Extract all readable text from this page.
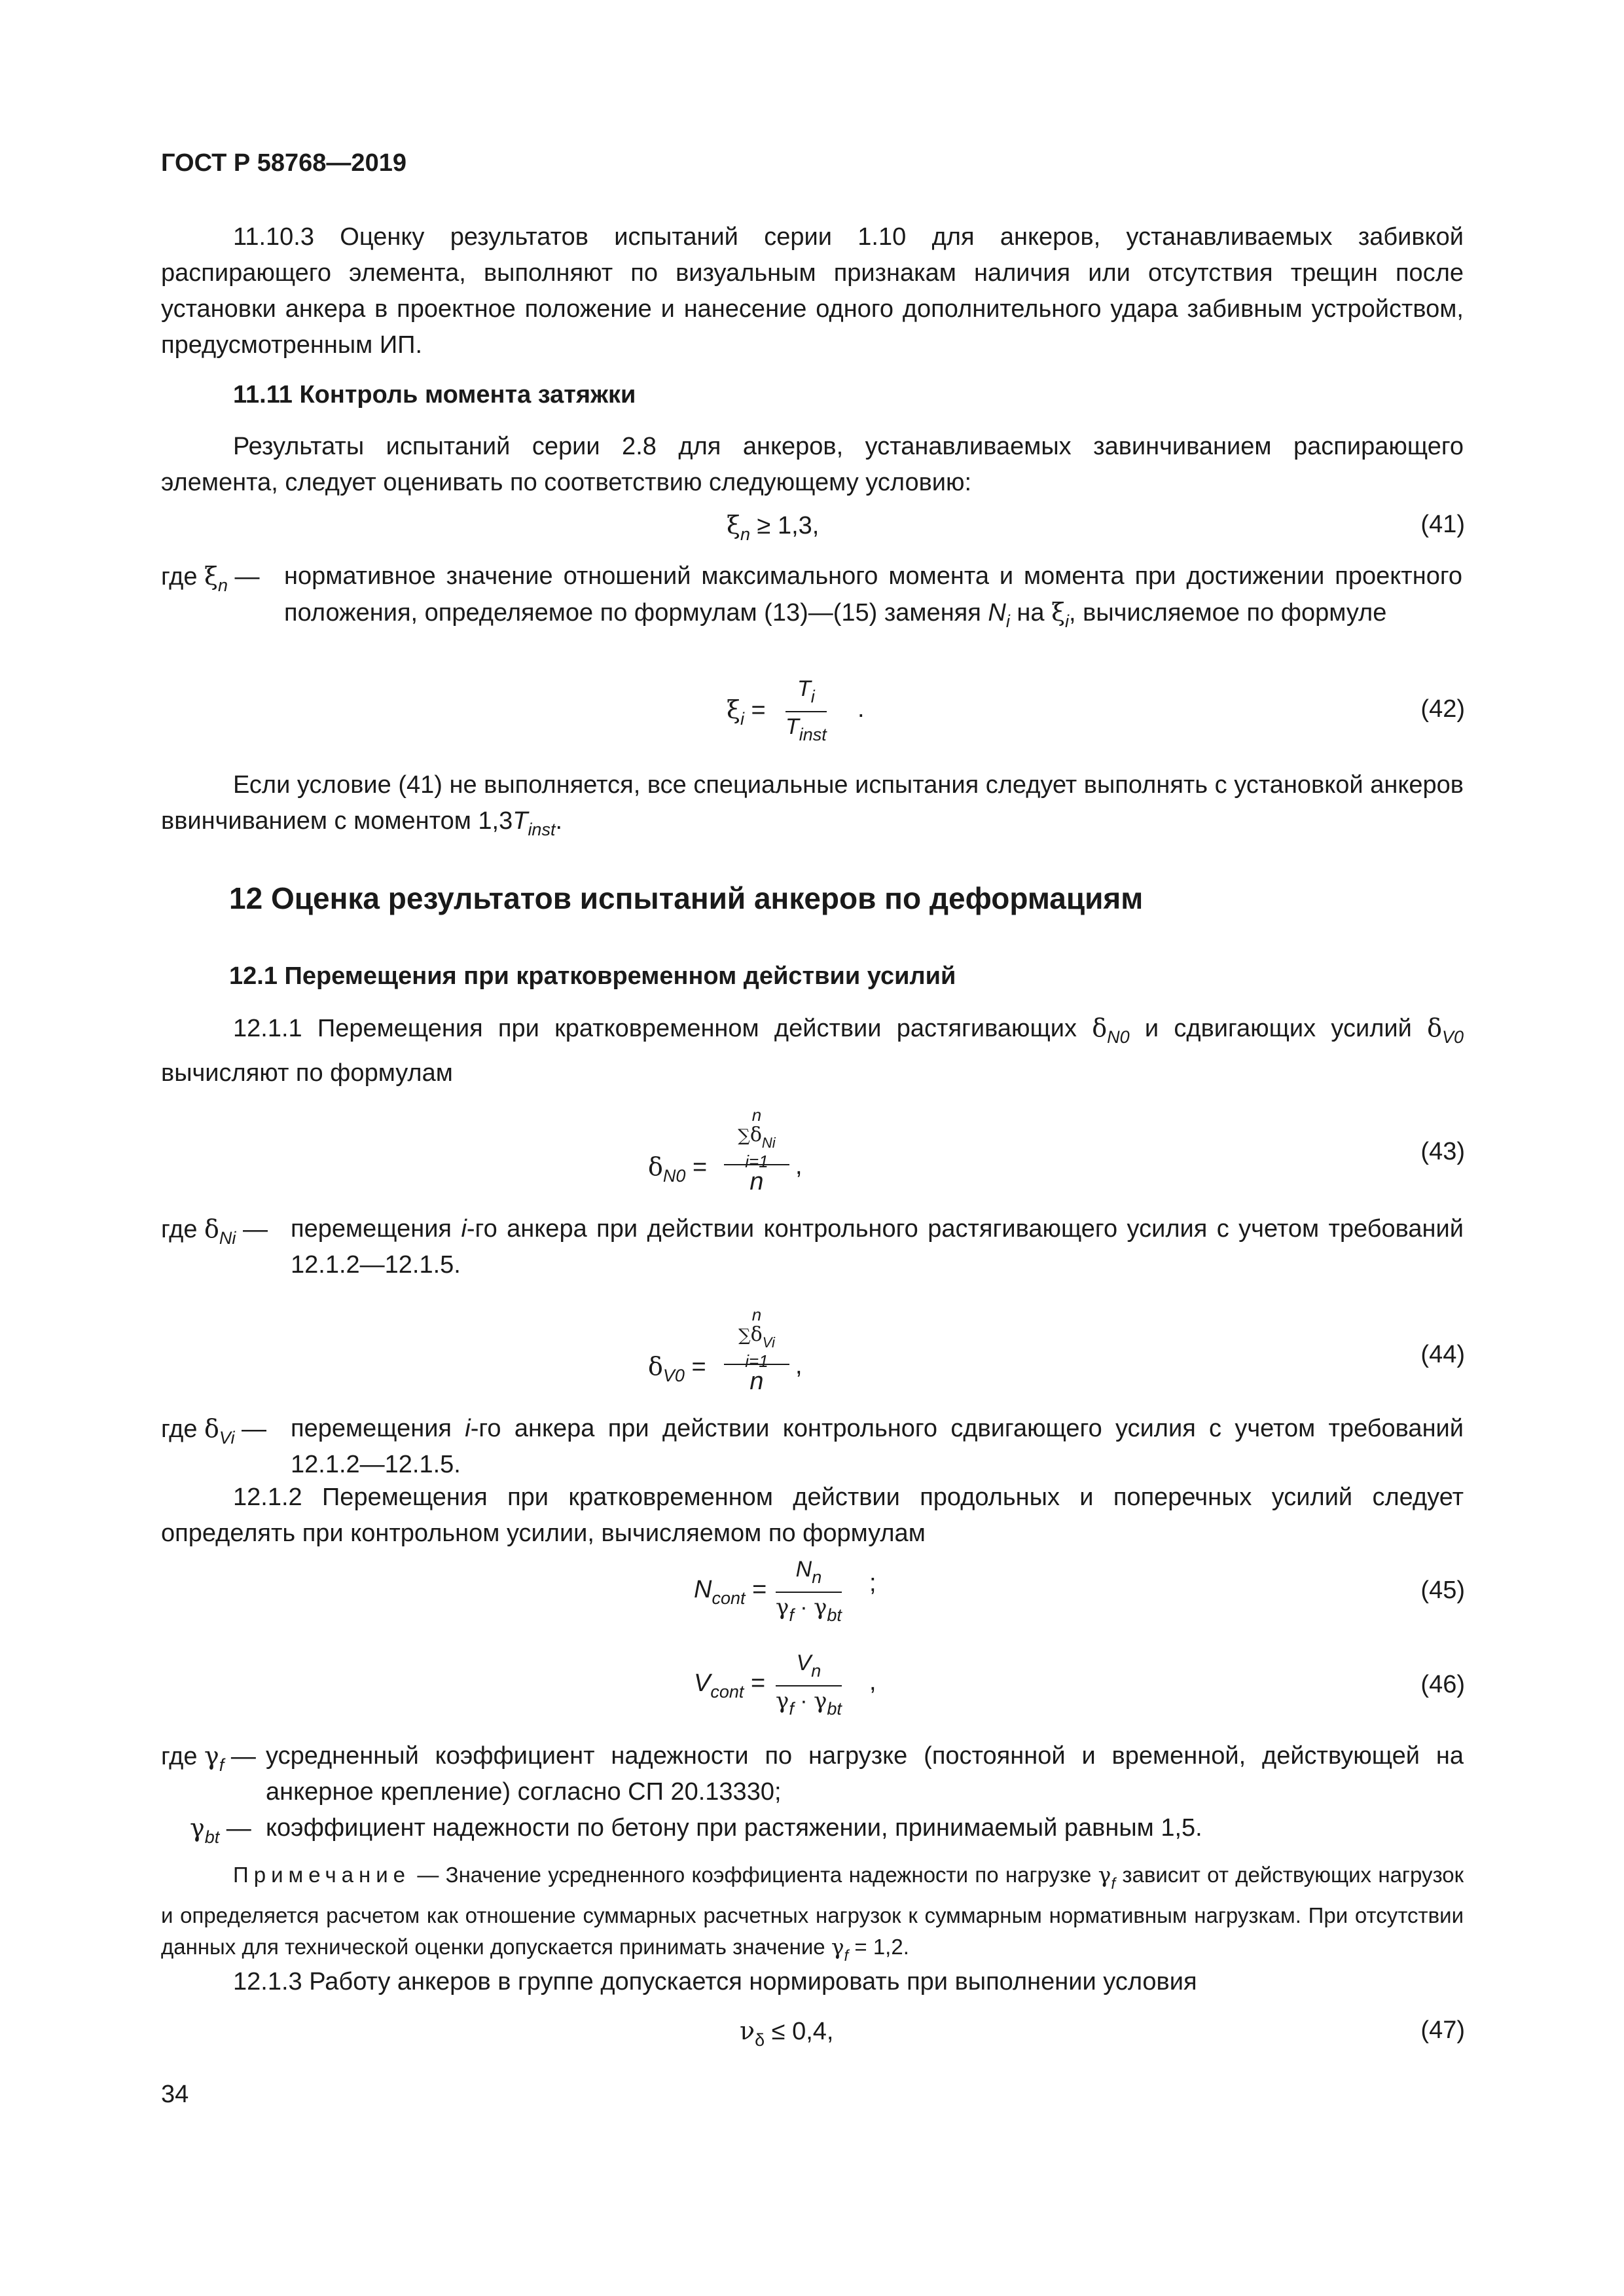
ГОСТ Р 58768—2019
11.10.3 Оценку результатов испытаний серии 1.10 для анкеров, устанавливаемых забивкой распирающего элемента, выполняют по визуальным признакам наличия или отсутствия трещин после установки анкера в проектное положение и нанесение одного дополнительного удара забивным устройством, предусмотренным ИП.
11.11 Контроль момента затяжки
Результаты испытаний серии 2.8 для анкеров, устанавливаемых завинчиванием распирающего элемента, следует оценивать по соответствию следующему условию:
$\xi_n \ge 1,3$,	(41)
где $\xi_n$ — нормативное значение отношений максимального момента и момента при достижении проектного положения, определяемое по формулам (13)—(15) заменяя $N_i$ на $\xi_i$, вычисляемое по формуле
$\xi_i$ =
$T_i$
$T_{inst}$
.	(42)
Если условие (41) не выполняется, все специальные испытания следует выполнять с установкой анкеров ввинчиванием с моментом $1,3T_{inst}$.
12 Оценка результатов испытаний анкеров по деформациям
12.1 Перемещения при кратковременном действии усилий
12.1.1 Перемещения при кратковременном действии растягивающих $\delta_{N0}$ и сдвигающих усилий $\delta_{V0}$ вычисляют по формулам
$\delta_{N0}$ =
n
$\sum\delta_{Ni}$
i=1
n
,
(43)
где $\delta_{Ni}$ — перемещения i-го анкера при действии контрольного растягивающего усилия с учетом требований 12.1.2—12.1.5.
$\delta_{V0}$ =
n
$\sum\delta_{Vi}$
i=1
n
,	(44)
где $\delta_{Vi}$ — перемещения i-го анкера при действии контрольного сдвигающего усилия с учетом требований 12.1.2—12.1.5.
12.1.2 Перемещения при кратковременном действии продольных и поперечных усилий следует определять при контрольном усилии, вычисляемом по формулам
$N_{cont}$ =
$N_n$
$\gamma_f \cdot \gamma_{bt}$
;	(45)
$V_{cont}$ =
$V_n$
$\gamma_f \cdot \gamma_{bt}$
,	(46)
где $\gamma_f$ — усредненный коэффициент надежности по нагрузке (постоянной и временной, действующей на анкерное крепление) согласно СП 20.13330;
$\gamma_{bt}$ — коэффициент надежности по бетону при растяжении, принимаемый равным 1,5.
Примечание — Значение усредненного коэффициента надежности по нагрузке $\gamma_f$ зависит от действующих нагрузок и определяется расчетом как отношение суммарных расчетных нагрузок к суммарным нормативным нагрузкам. При отсутствии данных для технической оценки допускается принимать значение $\gamma_f = 1,2$.
12.1.3 Работу анкеров в группе допускается нормировать при выполнении условия
$\nu_\delta \le 0,4$,	(47)
34
